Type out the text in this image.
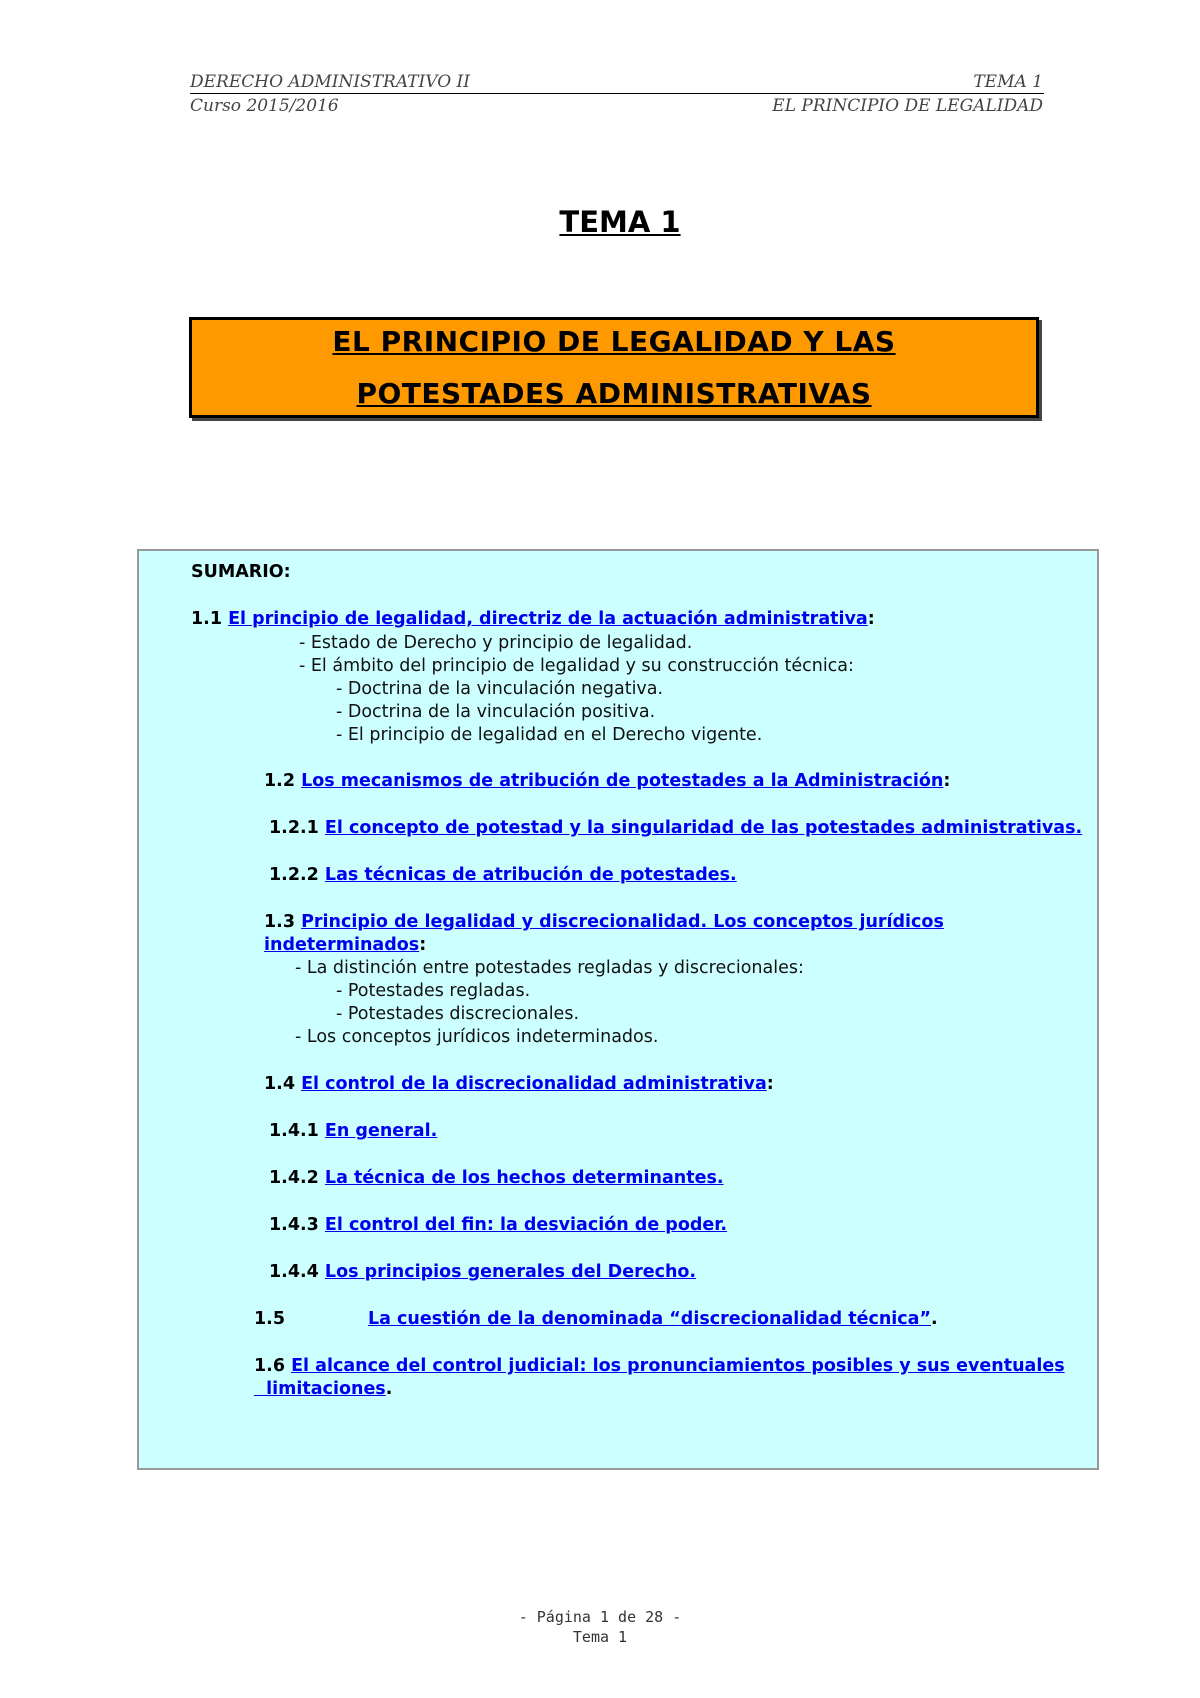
DERECHO ADMINISTRATIVO II	TEMA 1
Curso 2015/2016	EL PRINCIPIO DE LEGALIDAD
TEMA 1
EL PRINCIPIO DE LEGALIDAD Y LAS
POTESTADES ADMINISTRATIVAS
SUMARIO:
1.1 El principio de legalidad, directriz de la actuación administrativa:
- Estado de Derecho y principio de legalidad.
- El ámbito del principio de legalidad y su construcción técnica:
- Doctrina de la vinculación negativa.
- Doctrina de la vinculación positiva.
- El principio de legalidad en el Derecho vigente.
1.2 Los mecanismos de atribución de potestades a la Administración:
1.2.1 El concepto de potestad y la singularidad de las potestades administrativas.
1.2.2 Las técnicas de atribución de potestades.
1.3 Principio de legalidad y discrecionalidad. Los conceptos jurídicos
indeterminados:
- La distinción entre potestades regladas y discrecionales:
- Potestades regladas.
- Potestades discrecionales.
- Los conceptos jurídicos indeterminados.
1.4 El control de la discrecionalidad administrativa:
1.4.1 En general.
1.4.2 La técnica de los hechos determinantes.
1.4.3 El control del fin: la desviación de poder.
1.4.4 Los principios generales del Derecho.
1.5	La cuestión de la denominada “discrecionalidad técnica”.
1.6 El alcance del control judicial: los pronunciamientos posibles y sus eventuales
limitaciones.
- Página 1 de 28 -
Tema 1
